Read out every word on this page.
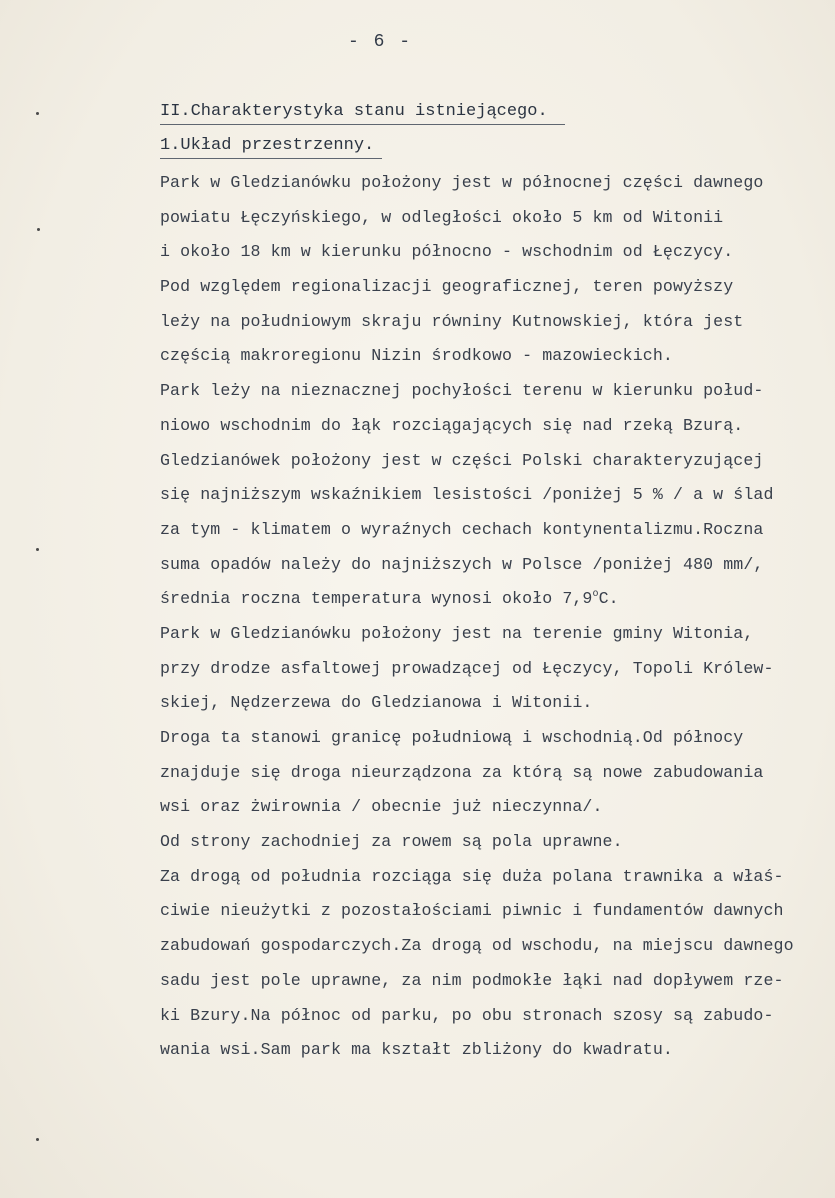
- 6 -
II.Charakterystyka stanu istniejącego.
1.Układ przestrzenny.
Park w Gledzianówku położony jest w północnej części dawnego
powiatu Łęczyńskiego, w odległości około 5 km od Witonii
i około 18 km w kierunku północno - wschodnim od Łęczycy.
Pod względem regionalizacji geograficznej, teren powyższy
leży na południowym skraju równiny Kutnowskiej, która jest
częścią makroregionu Nizin środkowo - mazowieckich.
Park leży na nieznacznej pochyłości terenu w kierunku połud-
niowo wschodnim do łąk rozciągających się nad rzeką Bzurą.
Gledzianówek położony jest w części Polski charakteryzującej
się najniższym wskaźnikiem lesistości /poniżej 5 % / a w ślad
za tym - klimatem o wyraźnych cechach kontynentalizmu.Roczna
suma opadów należy do najniższych w Polsce /poniżej 480 mm/,
średnia roczna temperatura wynosi około 7,9$^o$C.
Park w Gledzianówku położony jest na terenie gminy Witonia,
przy drodze asfaltowej prowadzącej od Łęczycy, Topoli Królew-
skiej, Nędzerzewa do Gledzianowa i Witonii.
Droga ta stanowi granicę południową i wschodnią.Od północy
znajduje się droga nieurządzona za którą są nowe zabudowania
wsi oraz żwirownia / obecnie już nieczynna/.
Od strony zachodniej za rowem są pola uprawne.
Za drogą od południa rozciąga się duża polana trawnika a właś-
ciwie nieużytki z pozostałościami piwnic i fundamentów dawnych
zabudowań gospodarczych.Za drogą od wschodu, na miejscu dawnego
sadu jest pole uprawne, za nim podmokłe łąki nad dopływem rze-
ki Bzury.Na północ od parku, po obu stronach szosy są zabudo-
wania wsi.Sam park ma kształt zbliżony do kwadratu.
